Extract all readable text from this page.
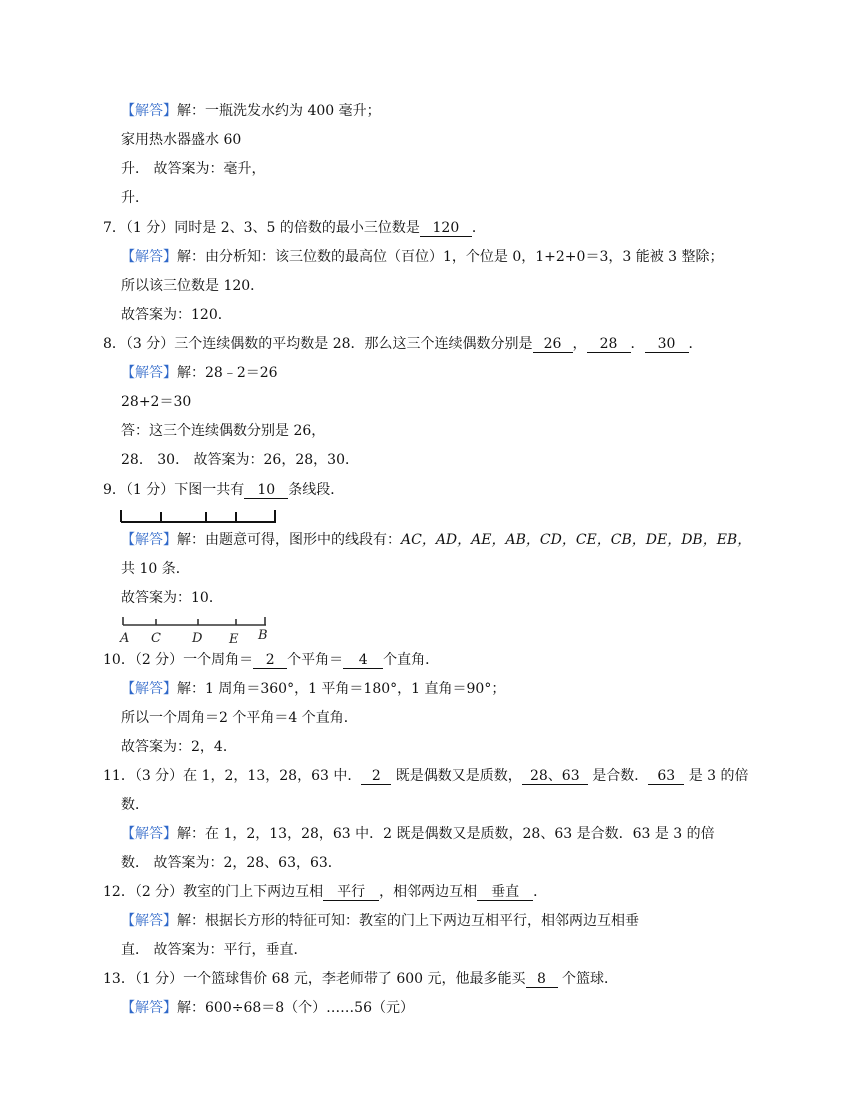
【解答】解：一瓶洗发水约为 400 毫升；
家用热水器盛水 60
升． 故答案为：毫升，
升．
7．（1 分）同时是 2、3、5 的倍数的最小三位数是 120 ．
【解答】解：由分析知：该三位数的最高位（百位）1，个位是 0，1+2+0＝3，3 能被 3 整除；
所以该三位数是 120．
故答案为：120．
8．（3 分）三个连续偶数的平均数是 28．那么这三个连续偶数分别是 26 ， 28 ． 30 ．
【解答】解：28﹣2＝26
28+2＝30
答：这三个连续偶数分别是 26，
28． 30． 故答案为：26，28，30．
9．（1 分）下图一共有 10 条线段．
【解答】解：由题意可得，图形中的线段有：AC，AD，AE，AB，CD，CE，CB，DE，DB，EB，
共 10 条．
故答案为：10．
A C D E B
10．（2 分）一个周角＝ 2 个平角＝ 4 个直角．
【解答】解：1 周角＝360°，1 平角＝180°，1 直角＝90°；
所以一个周角＝2 个平角＝4 个直角．
故答案为：2，4．
11．（3 分）在 1，2，13，28，63 中． 2 既是偶数又是质数， 28、63 是合数． 63 是 3 的倍
数．
【解答】解：在 1，2，13，28，63 中．2 既是偶数又是质数，28、63 是合数．63 是 3 的倍
数． 故答案为：2，28、63，63．
12．（2 分）教室的门上下两边互相 平行 ，相邻两边互相 垂直 ．
【解答】解：根据长方形的特征可知：教室的门上下两边互相平行，相邻两边互相垂
直． 故答案为：平行，垂直．
13．（1 分）一个篮球售价 68 元，李老师带了 600 元，他最多能买 8 个篮球．
【解答】解：600÷68＝8（个）……56（元）
